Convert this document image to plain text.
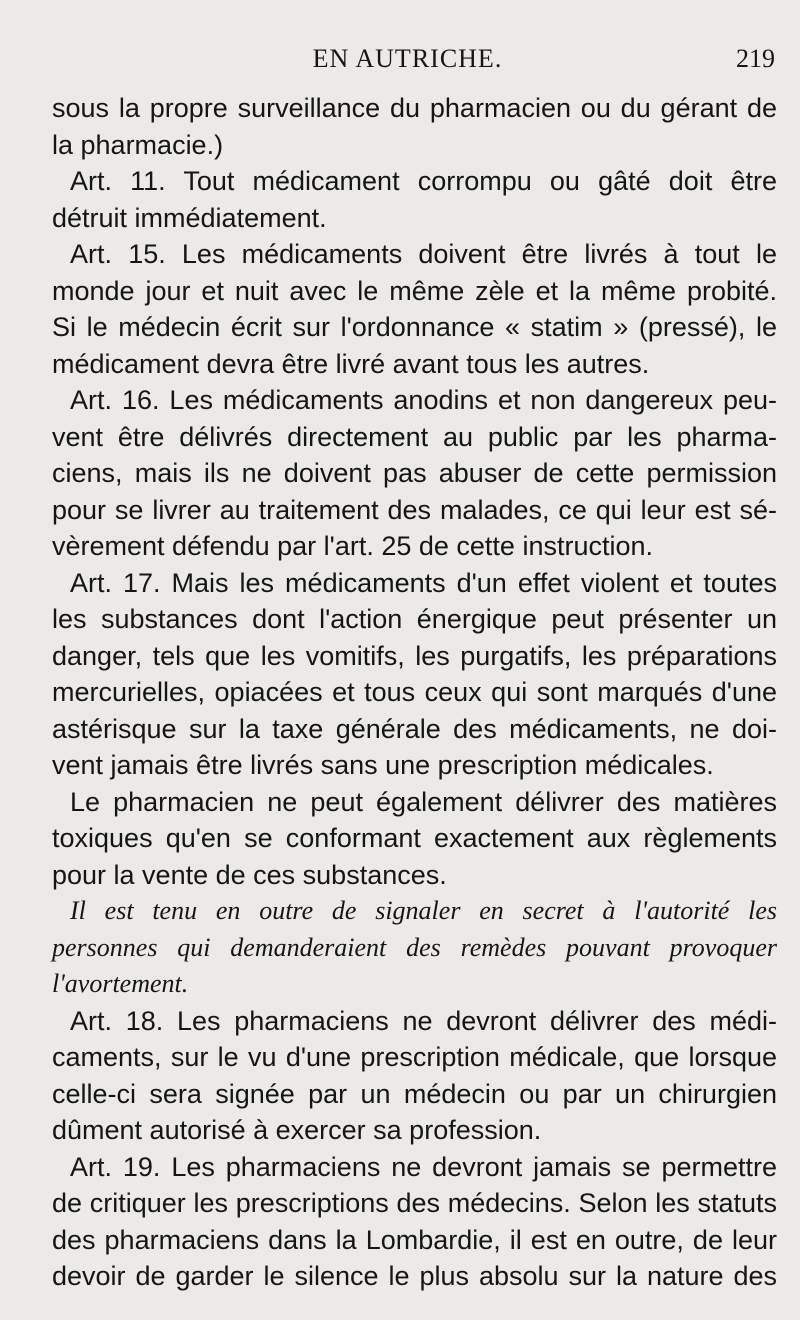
EN AUTRICHE.	219
sous la propre surveillance du pharmacien ou du gérant de
la pharmacie.)
Art. 11. Tout médicament corrompu ou gâté doit être
détruit immédiatement.
Art. 15. Les médicaments doivent être livrés à tout le
monde jour et nuit avec le même zèle et la même probité.
Si le médecin écrit sur l'ordonnance « statim » (pressé), le
médicament devra être livré avant tous les autres.
Art. 16. Les médicaments anodins et non dangereux peu-
vent être délivrés directement au public par les pharma-
ciens, mais ils ne doivent pas abuser de cette permission
pour se livrer au traitement des malades, ce qui leur est sé-
vèrement défendu par l'art. 25 de cette instruction.
Art. 17. Mais les médicaments d'un effet violent et toutes
les substances dont l'action énergique peut présenter un
danger, tels que les vomitifs, les purgatifs, les préparations
mercurielles, opiacées et tous ceux qui sont marqués d'une
astérisque sur la taxe générale des médicaments, ne doi-
vent jamais être livrés sans une prescription médicales.
Le pharmacien ne peut également délivrer des matières
toxiques qu'en se conformant exactement aux règlements
pour la vente de ces substances.
Il est tenu en outre de signaler en secret à l'autorité les
personnes qui demanderaient des remèdes pouvant provoquer
l'avortement.
Art. 18. Les pharmaciens ne devront délivrer des médi-
caments, sur le vu d'une prescription médicale, que lorsque
celle-ci sera signée par un médecin ou par un chirurgien
dûment autorisé à exercer sa profession.
Art. 19. Les pharmaciens ne devront jamais se permettre
de critiquer les prescriptions des médecins. Selon les statuts
des pharmaciens dans la Lombardie, il est en outre, de leur
devoir de garder le silence le plus absolu sur la nature des
